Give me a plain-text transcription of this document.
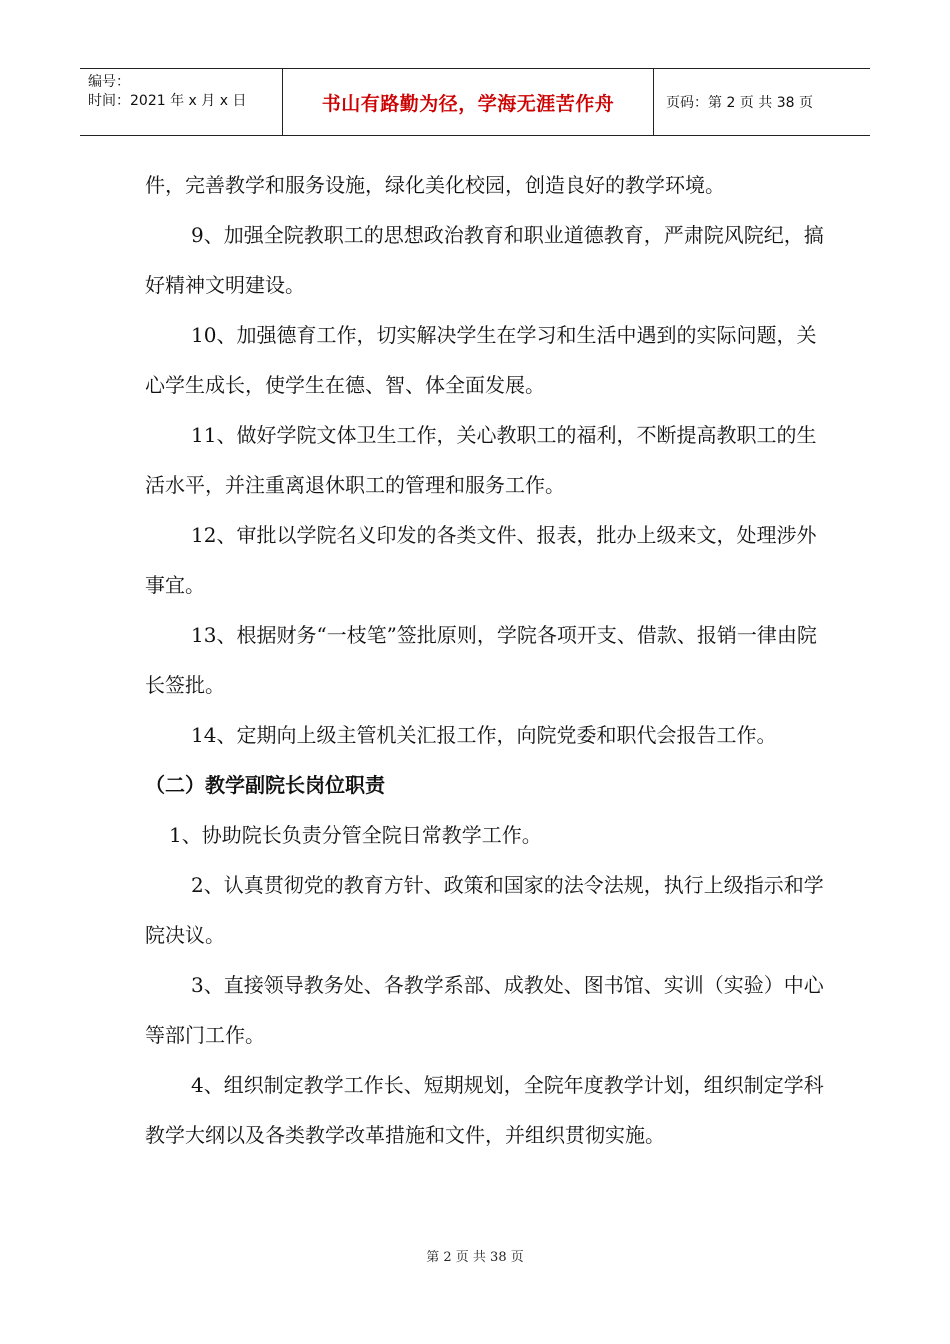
编号：
时间：2021 年 x 月 x 日	书山有路勤为径，学海无涯苦作舟	页码：第 2 页 共 38 页

件，完善教学和服务设施，绿化美化校园，创造良好的教学环境。

9、加强全院教职工的思想政治教育和职业道德教育，严肃院风院纪，搞好精神文明建设。

10、加强德育工作，切实解决学生在学习和生活中遇到的实际问题，关心学生成长，使学生在德、智、体全面发展。

11、做好学院文体卫生工作，关心教职工的福利，不断提高教职工的生活水平，并注重离退休职工的管理和服务工作。

12、审批以学院名义印发的各类文件、报表，批办上级来文，处理涉外事宜。

13、根据财务“一枝笔”签批原则，学院各项开支、借款、报销一律由院长签批。

14、定期向上级主管机关汇报工作，向院党委和职代会报告工作。

（二）教学副院长岗位职责

1、协助院长负责分管全院日常教学工作。

2、认真贯彻党的教育方针、政策和国家的法令法规，执行上级指示和学院决议。

3、直接领导教务处、各教学系部、成教处、图书馆、实训（实验）中心等部门工作。

4、组织制定教学工作长、短期规划，全院年度教学计划，组织制定学科教学大纲以及各类教学改革措施和文件，并组织贯彻实施。

第 2 页 共 38 页
